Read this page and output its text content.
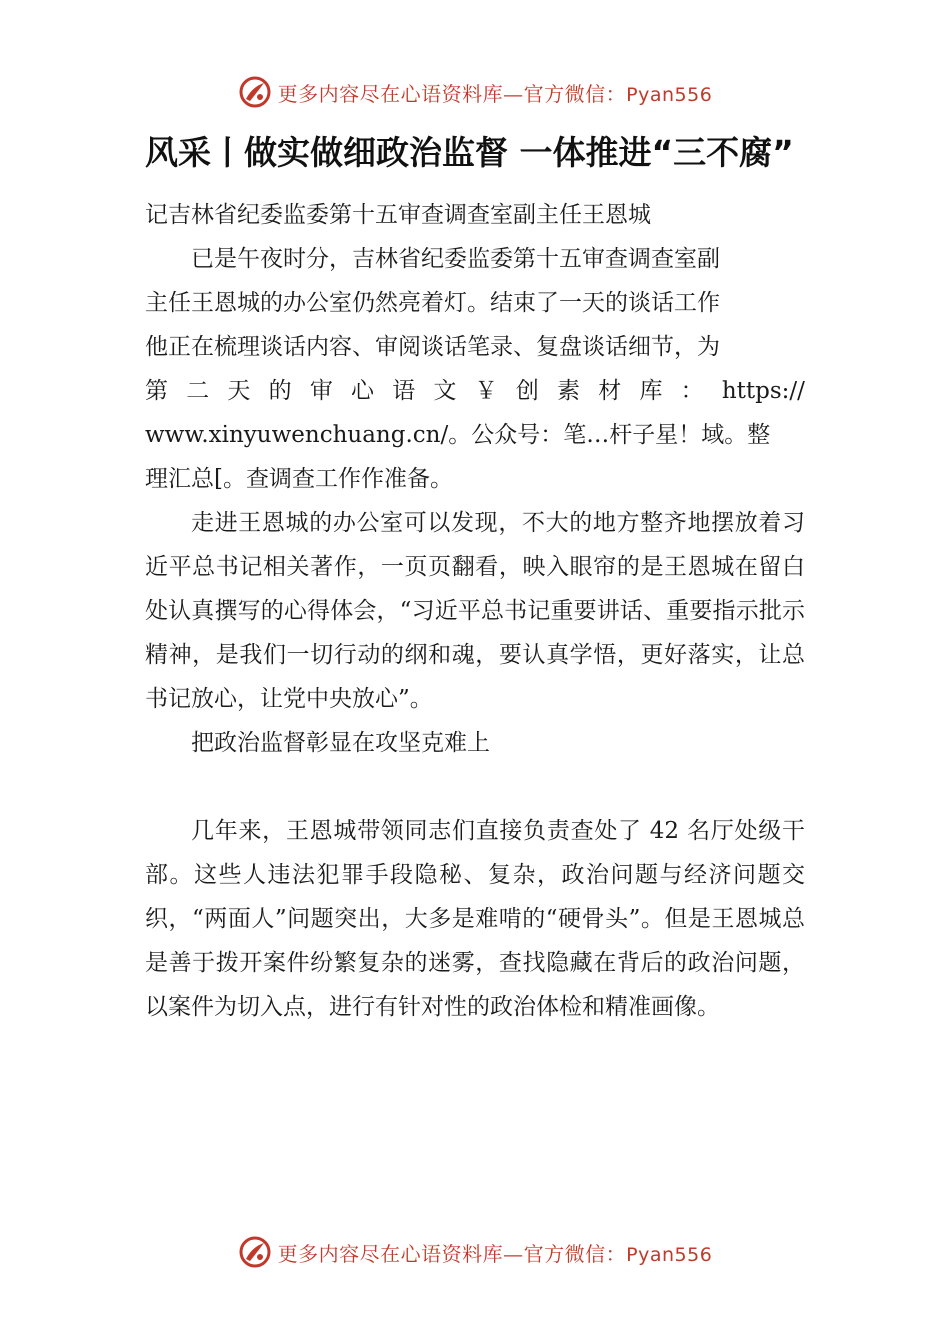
更多内容尽在心语资料库—官方微信：Pyan556
风采丨做实做细政治监督 一体推进“三不腐”

记吉林省纪委监委第十五审查调查室副主任王恩城

已是午夜时分，吉林省纪委监委第十五审查调查室副

主任王恩城的办公室仍然亮着灯。结束了一天的谈话工作

他正在梳理谈话内容、审阅谈话笔录、复盘谈话细节，为

第 二 天 的 审 心 语 文 ￥ 创 素 材 库 ： https://

www.xinyuwenchuang.cn/。公众号：笔…杆子星！域。整

理汇总[。查调查工作作准备。

走进王恩城的办公室可以发现，不大的地方整齐地摆放着习近平总书记相关著作，一页页翻看，映入眼帘的是王恩城在留白处认真撰写的心得体会，“习近平总书记重要讲话、重要指示批示精神，是我们一切行动的纲和魂，要认真学悟，更好落实，让总书记放心，让党中央放心”。

把政治监督彰显在攻坚克难上

几年来，王恩城带领同志们直接负责查处了 42 名厅处级干部。这些人违法犯罪手段隐秘、复杂，政治问题与经济问题交织，“两面人”问题突出，大多是难啃的“硬骨头”。但是王恩城总是善于拨开案件纷繁复杂的迷雾，查找隐藏在背后的政治问题，以案件为切入点，进行有针对性的政治体检和精准画像。

更多内容尽在心语资料库—官方微信：Pyan556
